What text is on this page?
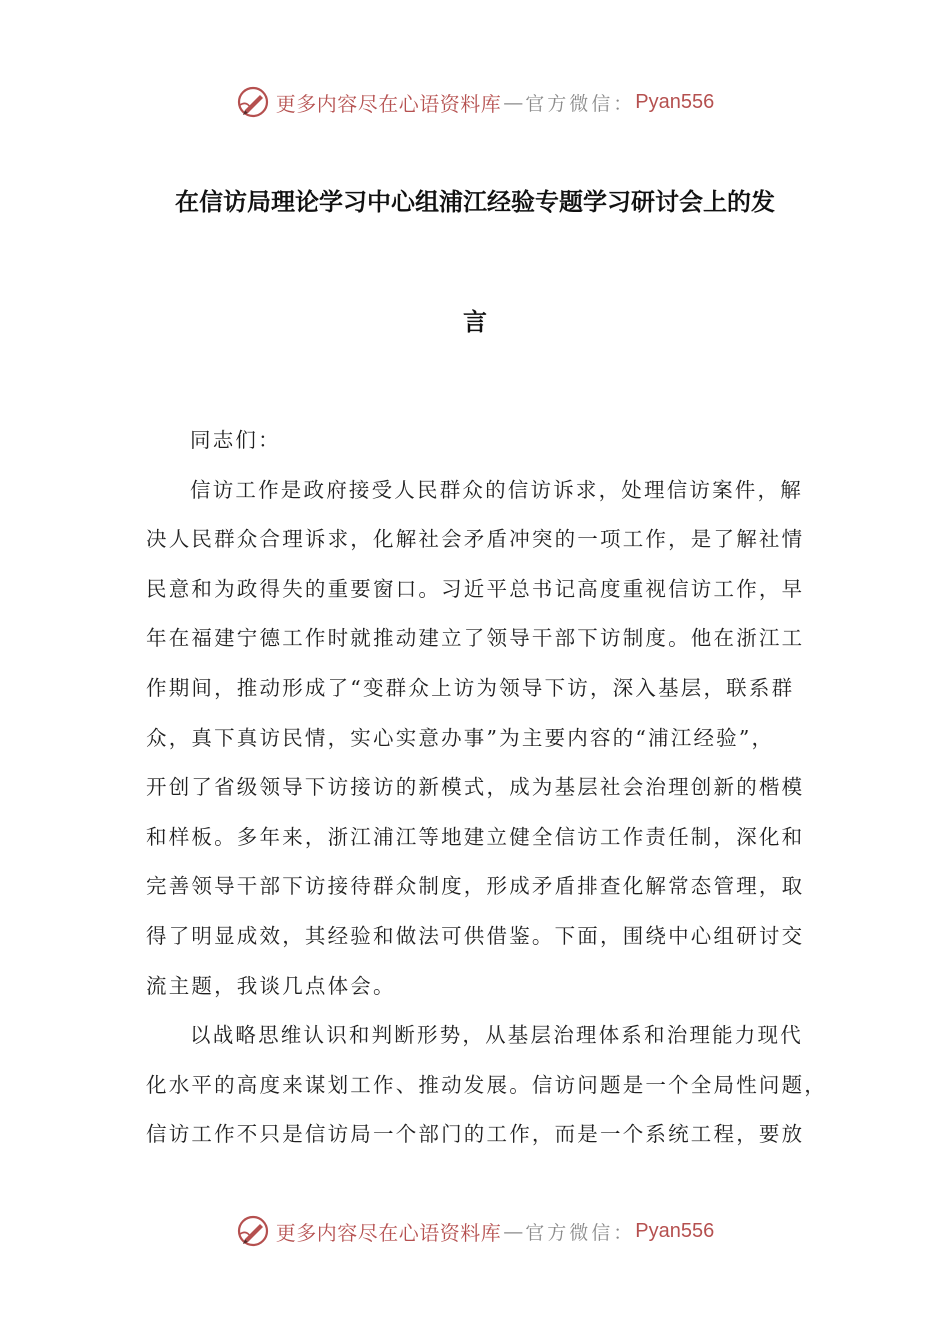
更多内容尽在心语资料库 — 官方微信： Pyan556
在信访局理论学习中心组浦江经验专题学习研讨会上的发
言
同志们：
信访工作是政府接受人民群众的信访诉求，处理信访案件，解
决人民群众合理诉求，化解社会矛盾冲突的一项工作，是了解社情
民意和为政得失的重要窗口。习近平总书记高度重视信访工作，早
年在福建宁德工作时就推动建立了领导干部下访制度。他在浙江工
作期间，推动形成了“变群众上访为领导下访，深入基层，联系群
众，真下真访民情，实心实意办事”为主要内容的“浦江经验”，
开创了省级领导下访接访的新模式，成为基层社会治理创新的楷模
和样板。多年来，浙江浦江等地建立健全信访工作责任制，深化和
完善领导干部下访接待群众制度，形成矛盾排查化解常态管理，取
得了明显成效，其经验和做法可供借鉴。下面，围绕中心组研讨交
流主题，我谈几点体会。
以战略思维认识和判断形势，从基层治理体系和治理能力现代
化水平的高度来谋划工作、推动发展。信访问题是一个全局性问题，
信访工作不只是信访局一个部门的工作，而是一个系统工程，要放
更多内容尽在心语资料库 — 官方微信： Pyan556
